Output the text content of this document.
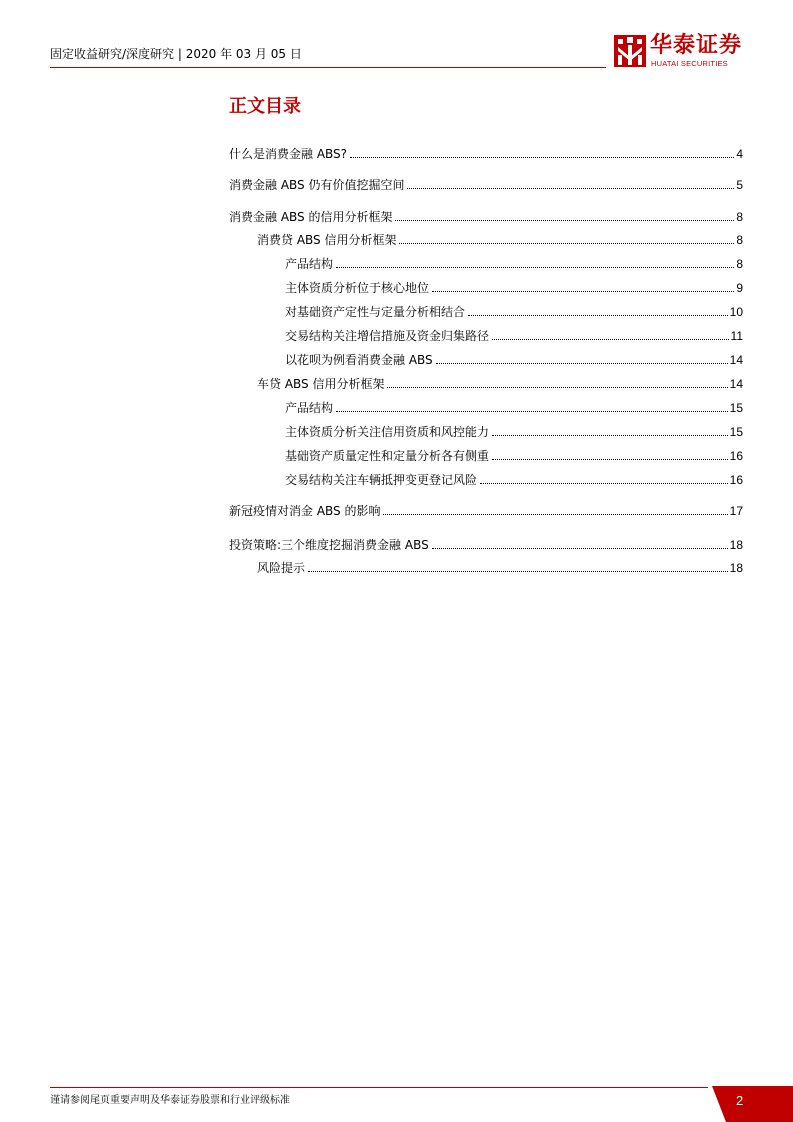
固定收益研究/深度研究 | 2020 年 03 月 05 日	华泰证券
HUATAI SECURITIES
正文目录
什么是消费金融 ABS?	4
消费金融 ABS 仍有价值挖掘空间	5
消费金融 ABS 的信用分析框架	8
消费贷 ABS 信用分析框架	8
产品结构	8
主体资质分析位于核心地位	9
对基础资产定性与定量分析相结合	10
交易结构关注增信措施及资金归集路径	11
以花呗为例看消费金融 ABS	14
车贷 ABS 信用分析框架	14
产品结构	15
主体资质分析关注信用资质和风控能力	15
基础资产质量定性和定量分析各有侧重	16
交易结构关注车辆抵押变更登记风险	16
新冠疫情对消金 ABS 的影响	17
投资策略:三个维度挖掘消费金融 ABS	18
风险提示	18
谨请参阅尾页重要声明及华泰证券股票和行业评级标准	2
